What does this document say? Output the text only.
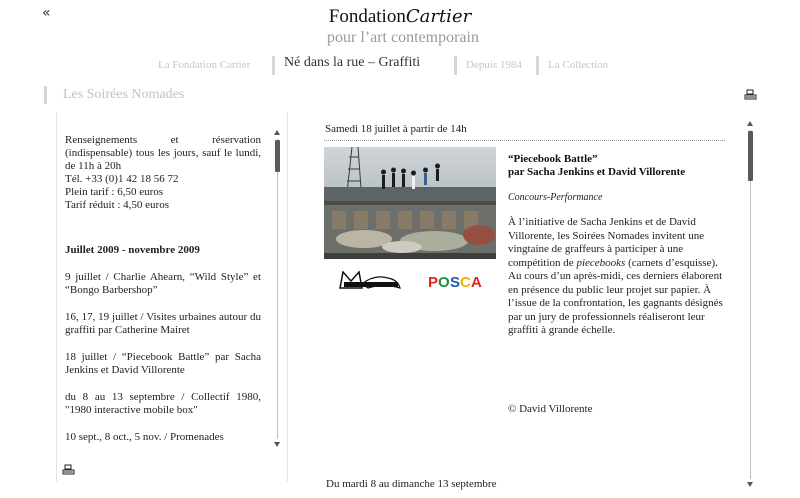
«	FondationCartier
pour l’art contemporain
La Fondation Cartier Né dans la rue – Graffiti	Depuis 1984 La Collection
Les Soirées Nomades

Renseignements et réservation (indispensable) tous les jours, sauf le lundi, de 11h à 20h
Tél. +33 (0)1 42 18 56 72
Plein tarif : 6,50 euros
Tarif réduit : 4,50 euros

Juillet 2009 - novembre 2009

9 juillet / Charlie Ahearn, “Wild Style” et “Bongo Barbershop”

16, 17, 19 juillet / Visites urbaines autour du graffiti par Catherine Mairet

18 juillet / “Piecebook Battle” par Sacha Jenkins et David Villorente

du 8 au 13 septembre / Collectif 1980, "1980 interactive mobile box"

10 sept., 8 oct., 5 nov. / Promenades

Samedi 18 juillet à partir de 14h
P O S C A
“Piecebook Battle”
par Sacha Jenkins et David Villorente
Concours-Performance
À l’initiative de Sacha Jenkins et de David Villorente, les Soirées Nomades invitent une vingtaine de graffeurs à participer à une compétition de piecebooks (carnets d’esquisse). Au cours d’un après-midi, ces derniers élaborent en présence du public leur projet sur papier. À l’issue de la confrontation, les gagnants désignés par un jury de professionnels réaliseront leur graffiti à grande échelle.
© David Villorente
Du mardi 8 au dimanche 13 septembre
